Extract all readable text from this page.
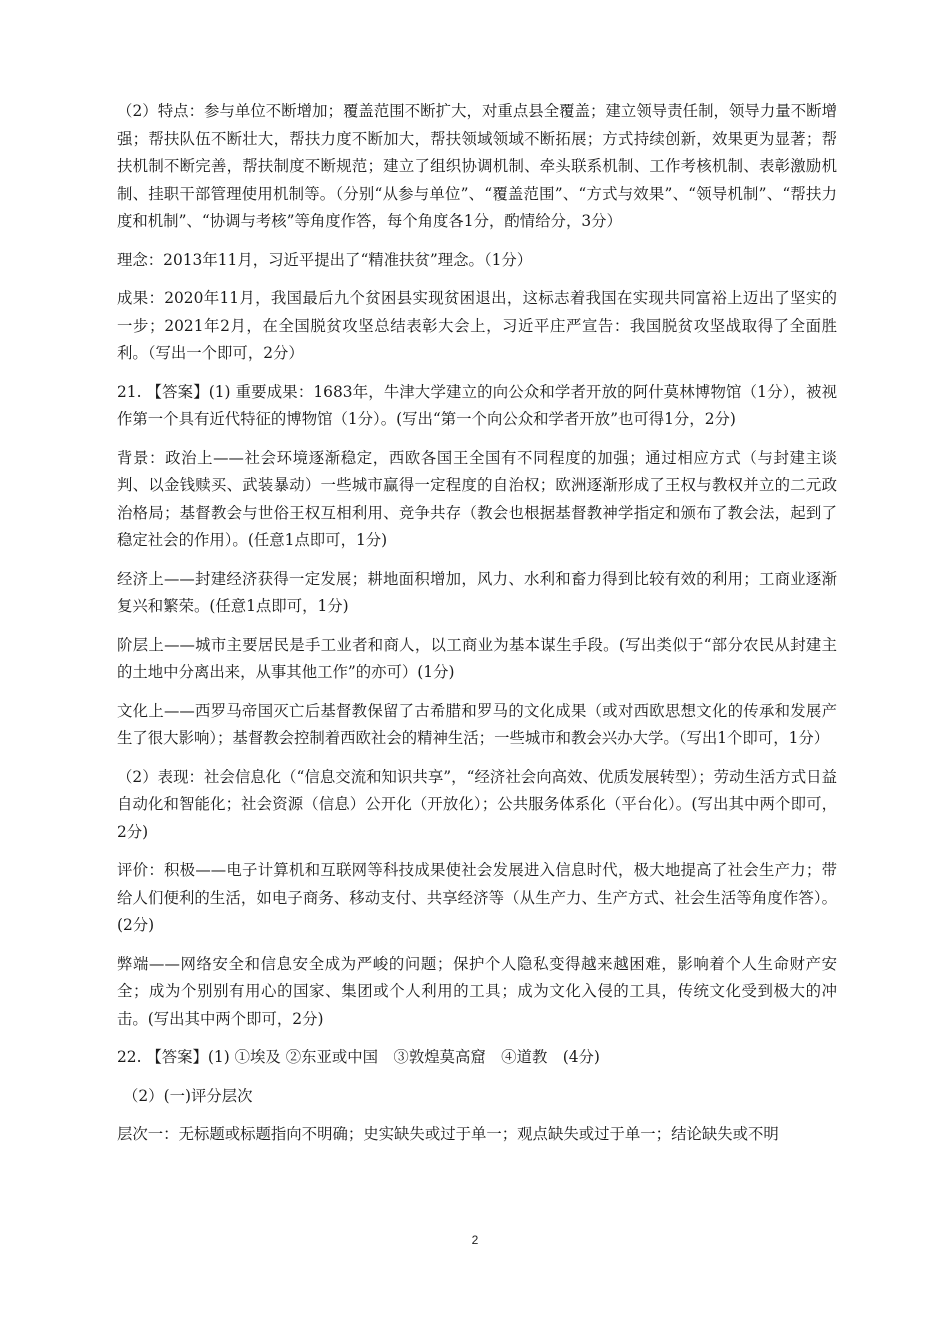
（2）特点：参与单位不断增加；覆盖范围不断扩大，对重点县全覆盖；建立领导责任制，领导力量不断增强；帮扶队伍不断壮大，帮扶力度不断加大，帮扶领域领域不断拓展；方式持续创新，效果更为显著；帮扶机制不断完善，帮扶制度不断规范；建立了组织协调机制、牵头联系机制、工作考核机制、表彰激励机制、挂职干部管理使用机制等。（分别“从参与单位”、“覆盖范围”、“方式与效果”、“领导机制”、“帮扶力度和机制”、“协调与考核”等角度作答，每个角度各1分，酌情给分，3分）

理念：2013年11月，习近平提出了“精准扶贫”理念。（1分）

成果：2020年11月，我国最后九个贫困县实现贫困退出，这标志着我国在实现共同富裕上迈出了坚实的一步；2021年2月，在全国脱贫攻坚总结表彰大会上，习近平庄严宣告：我国脱贫攻坚战取得了全面胜利。（写出一个即可，2分）

21. 【答案】(1) 重要成果：1683年，牛津大学建立的向公众和学者开放的阿什莫林博物馆（1分），被视作第一个具有近代特征的博物馆（1分）。(写出“第一个向公众和学者开放”也可得1分，2分)

背景：政治上——社会环境逐渐稳定，西欧各国王全国有不同程度的加强；通过相应方式（与封建主谈判、以金钱赎买、武装暴动）一些城市赢得一定程度的自治权；欧洲逐渐形成了王权与教权并立的二元政治格局；基督教会与世俗王权互相利用、竞争共存（教会也根据基督教神学指定和颁布了教会法，起到了稳定社会的作用）。(任意1点即可，1分)

经济上——封建经济获得一定发展；耕地面积增加，风力、水利和畜力得到比较有效的利用；工商业逐渐复兴和繁荣。(任意1点即可，1分)

阶层上——城市主要居民是手工业者和商人，以工商业为基本谋生手段。(写出类似于“部分农民从封建主的土地中分离出来，从事其他工作”的亦可）(1分)

文化上——西罗马帝国灭亡后基督教保留了古希腊和罗马的文化成果（或对西欧思想文化的传承和发展产生了很大影响）；基督教会控制着西欧社会的精神生活；一些城市和教会兴办大学。（写出1个即可，1分）

（2）表现：社会信息化（“信息交流和知识共享”，“经济社会向高效、优质发展转型）；劳动生活方式日益自动化和智能化；社会资源（信息）公开化（开放化）；公共服务体系化（平台化）。(写出其中两个即可，2分)

评价：积极——电子计算机和互联网等科技成果使社会发展进入信息时代，极大地提高了社会生产力；带给人们便利的生活，如电子商务、移动支付、共享经济等（从生产力、生产方式、社会生活等角度作答）。(2分)

弊端——网络安全和信息安全成为严峻的问题；保护个人隐私变得越来越困难，影响着个人生命财产安全；成为个别别有用心的国家、集团或个人利用的工具；成为文化入侵的工具，传统文化受到极大的冲击。(写出其中两个即可，2分)

22. 【答案】(1) ①埃及 ②东亚或中国　③敦煌莫高窟　④道教　(4分)

（2）(一)评分层次

层次一：无标题或标题指向不明确；史实缺失或过于单一；观点缺失或过于单一；结论缺失或不明

2
